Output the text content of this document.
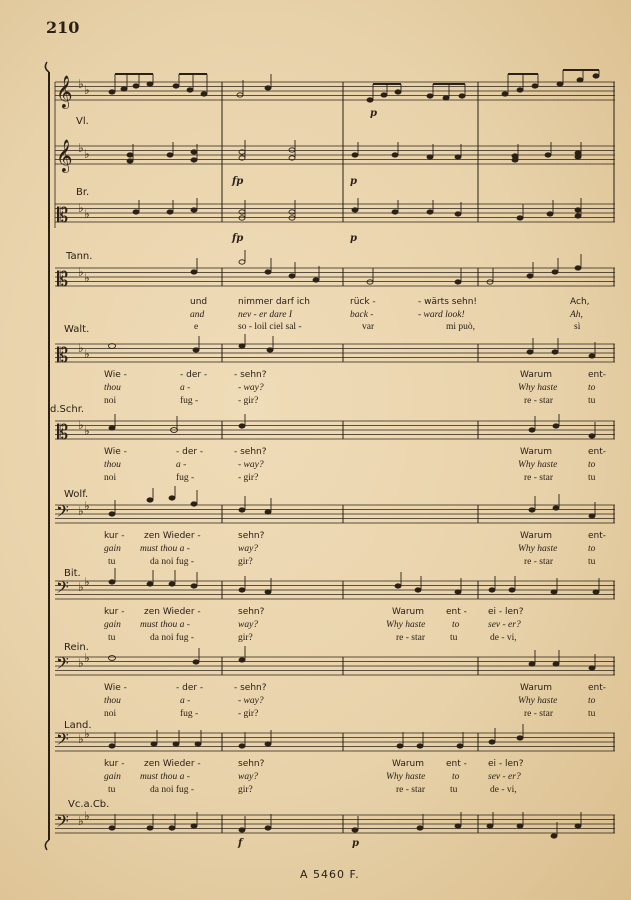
210
A 5460 F.
Vl.
Br.
Tann.
Walt.
d.Schr.
Wolf.
Bit.
Rein.
Land.
Vc.a.Cb.
𝄞
𝄞
𝄡
𝄡
𝄡
𝄡
𝄢
𝄢
𝄢
𝄢
𝄢
♭ ♭
♭ ♭
♭ ♭
♭ ♭
♭ ♭
♭ ♭
♭ ♭
♭ ♭
♭ ♭
♭ ♭
♭ ♭
p
fp	p
fp	p
f	p
und	nimmer darf ich	rück -	- wärts sehn!	Ach,
and	nev - er dare I	back -	- ward look!	Ah,
e	so - loil ciel sal -	var	mi può,	sì
Wie -	- der -	- sehn?	Warum	ent-
thou	a -	- way?	Why haste	to
noi	fug -	- gir?	re - star	tu
Wie -	- der -	- sehn?	Warum	ent-
thou	a -	- way?	Why haste	to
noi	fug -	- gir?	re - star	tu
kur - zen Wieder -	sehn?	Warum	ent-
gain must thou a -	way?	Why haste	to
tu	da noi fug -	gir?	re - star	tu
kur - zen Wieder -	sehn?	Warum ent - ei - len?
gain must thou a -	way?	Why haste	to	sev - er?
tu	da noi fug -	gir?	re - star	tu	de - vi,
Wie -	- der -	- sehn?	Warum	ent-
thou	a -	- way?	Why haste	to
noi	fug -	- gir?	re - star	tu
kur - zen Wieder -	sehn?	Warum ent - ei - len?
gain must thou a -	way?	Why haste	to	sev - er?
tu	da noi fug -	gir?	re - star	tu	de - vi,
